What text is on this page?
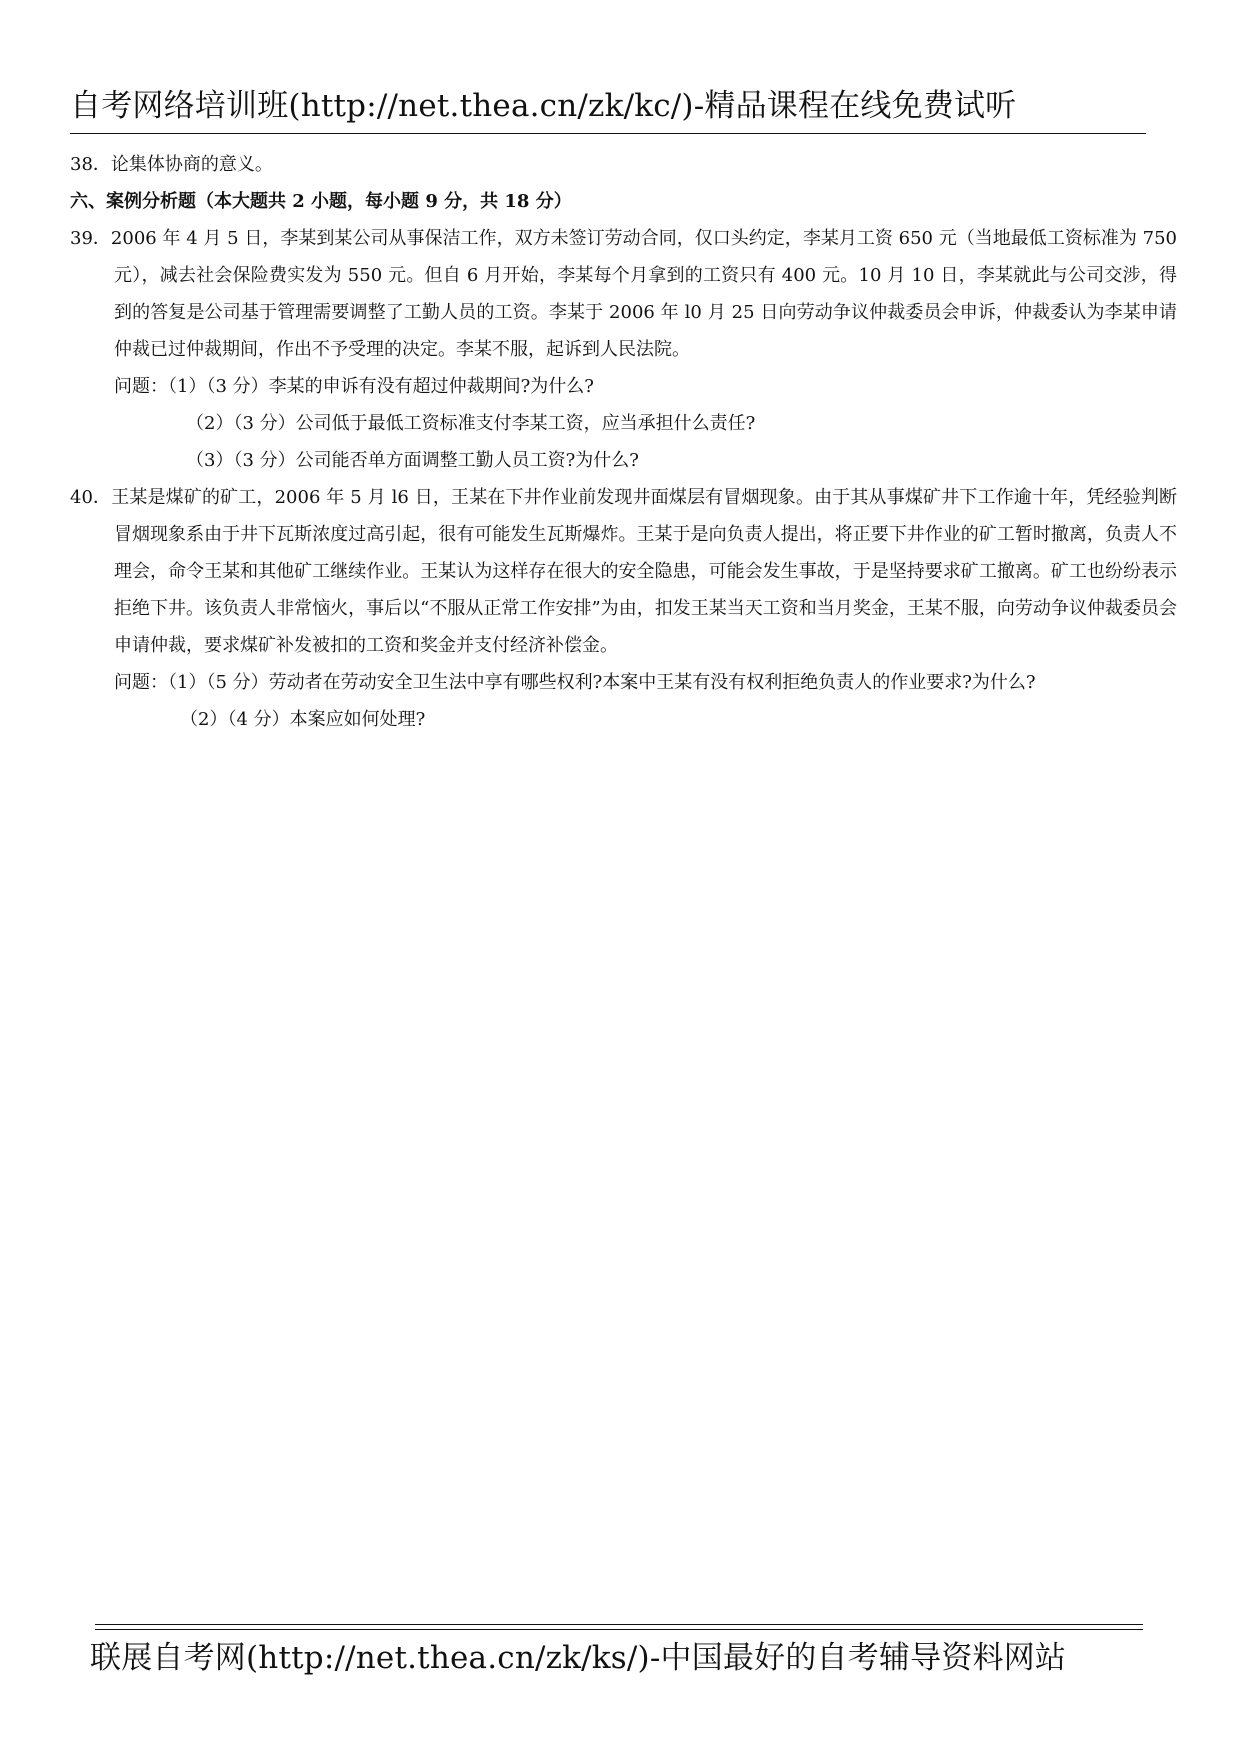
自考网络培训班(http://net.thea.cn/zk/kc/)-精品课程在线免费试听
38．论集体协商的意义。
六、案例分析题（本大题共 2 小题，每小题 9 分，共 18 分）
39．2006 年 4 月 5 日，李某到某公司从事保洁工作，双方未签订劳动合同，仅口头约定，李某月工资 650 元（当地最低工资标准为 750 元），减去社会保险费实发为 550 元。但自 6 月开始，李某每个月拿到的工资只有 400 元。10 月 10 日，李某就此与公司交涉，得到的答复是公司基于管理需要调整了工勤人员的工资。李某于 2006 年 l0 月 25 日向劳动争议仲裁委员会申诉，仲裁委认为李某申请仲裁已过仲裁期间，作出不予受理的决定。李某不服，起诉到人民法院。
问题：（1）（3 分）李某的申诉有没有超过仲裁期间?为什么?
（2）（3 分）公司低于最低工资标准支付李某工资，应当承担什么责任?
（3）（3 分）公司能否单方面调整工勤人员工资?为什么?
40．王某是煤矿的矿工，2006 年 5 月 l6 日，王某在下井作业前发现井面煤层有冒烟现象。由于其从事煤矿井下工作逾十年，凭经验判断冒烟现象系由于井下瓦斯浓度过高引起，很有可能发生瓦斯爆炸。王某于是向负责人提出，将正要下井作业的矿工暂时撤离，负责人不理会，命令王某和其他矿工继续作业。王某认为这样存在很大的安全隐患，可能会发生事故，于是坚持要求矿工撤离。矿工也纷纷表示拒绝下井。该负责人非常恼火，事后以“不服从正常工作安排”为由，扣发王某当天工资和当月奖金，王某不服，向劳动争议仲裁委员会申请仲裁，要求煤矿补发被扣的工资和奖金并支付经济补偿金。
问题：（1）（5 分）劳动者在劳动安全卫生法中享有哪些权利?本案中王某有没有权利拒绝负责人的作业要求?为什么?
（2）（4 分）本案应如何处理?
联展自考网(http://net.thea.cn/zk/ks/)-中国最好的自考辅导资料网站
